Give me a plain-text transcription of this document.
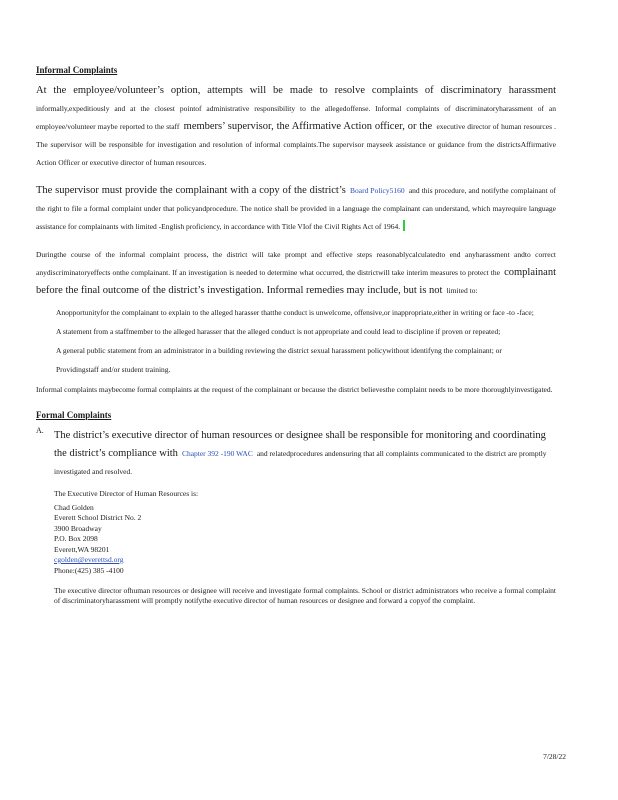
Informal Complaints

At the employee/volunteer’s option, attempts will be made to resolve complaints of discriminatory harassment informally,expeditiously and at the closest pointof administrative responsibility to the allegedoffense. Informal complaints of discriminatoryharassment of an employee/volunteer maybe reported to the staff members’ supervisor, the Affirmative Action officer, or the executive director of human resources . The supervisor will be responsible for investigation and resolution of informal complaints.The supervisor mayseek assistance or guidance from the districtsAffirmative Action Officer or executive director of human resources.

The supervisor must provide the complainant with a copy of the district’s Board Policy5160 and this procedure, and notifythe complainant of the right to file a formal complaint under that policyandprocedure. The notice shall be provided in a language the complainant can understand, which mayrequire language assistance for complainants with limited -English proficiency, in accordance with Title VIof the Civil Rights Act of 1964.

Duringthe course of the informal complaint process, the district will take prompt and effective steps reasonablycalculatedto end anyharassment andto correct anydiscriminatoryeffects onthe complainant. If an investigation is needed to determine what occurred, the districtwill take interim measures to protect the complainant before the final outcome of the district’s investigation. Informal remedies may include, but is not limited to:

Anopportunityfor the complainant to explain to the alleged harasser thatthe conduct is unwelcome, offensive,or inappropriate,either in writing or face -to -face;
A statement from a staffmember to the alleged harasser that the alleged conduct is not appropriate and could lead to discipline if proven or repeated;
A general public statement from an administrator in a building reviewing the district sexual harassment policywithout identifyng the complainant; or
Providingstaff and/or student training.

Informal complaints maybecome formal complaints at the request of the complainant or because the district believesthe complaint needs to be more thoroughlyinvestigated.

Formal Complaints
A. The district’s executive director of human resources or designee shall be responsible for monitoring and coordinating the district’s compliance with Chapter 392 -190 WAC and relatedprocedures andensuring that all complaints communicated to the district are promptly investigated and resolved.
The Executive Director of Human Resources is:
Chad Golden
Everett School District No. 2
3900 Broadway
P.O. Box 2098
Everett,WA 98201
cgolden@everettsd.org
Phone:(425) 385 -4100

The executive director ofhuman resources or designee will receive and investigate formal complaints. School or district administrators who receive a formal complaint of discriminatoryharassment will promptly notifythe executive director of human resources or designee and forward a copyof the complaint.

7/28/22
